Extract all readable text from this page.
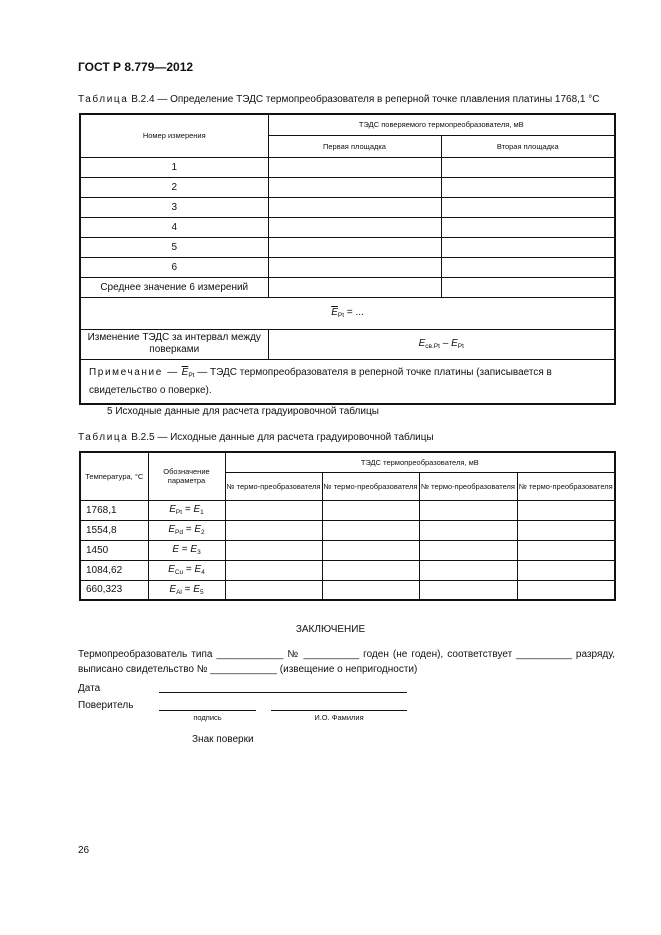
ГОСТ Р 8.779—2012
Таблица В.2.4 — Определение ТЭДС термопреобразователя в реперной точке плавления платины 1768,1 °С
Номер измерения	ТЭДС поверяемого термопреобразователя, мВ	
	Первая площадка	Вторая площадка
1		
2		
3		
4		
5		
6		
Среднее значение 6 измерений		
$\overline{E}_{Pt}$ = ...		
Изменение ТЭДС за интервал между поверками	$E_{св.Pt} - E_{Pt}$
Примечание — $\overline{E}_{Pt}$ — ТЭДС термопреобразователя в реперной точке платины (записывается в свидетельство о поверке).		
5 Исходные данные для расчета градуировочной таблицы
Таблица В.2.5 — Исходные данные для расчета градуировочной таблицы
Температура, °С	Обозначение параметра	ТЭДС термопреобразователя, мВ			
		№ термо-преобразователя	№ термо-преобразователя	№ термо-преобразователя	№ термо-преобразователя
1768,1	$E_{Pt} = E_1$				
1554,8	$E_{Pd} = E_2$				
1450	$E = E_3$				
1084,62	$E_{Cu} = E_4$				
660,323	$E_{Al} = E_5$				
ЗАКЛЮЧЕНИЕ
Термопреобразователь типа ____________ № __________ годен (не годен), соответствует __________ разряду,
выписано свидетельство № ____________ (извещение о непригодности)
Дата
Поверитель
подпись	И.О. Фамилия
Знак поверки
26
